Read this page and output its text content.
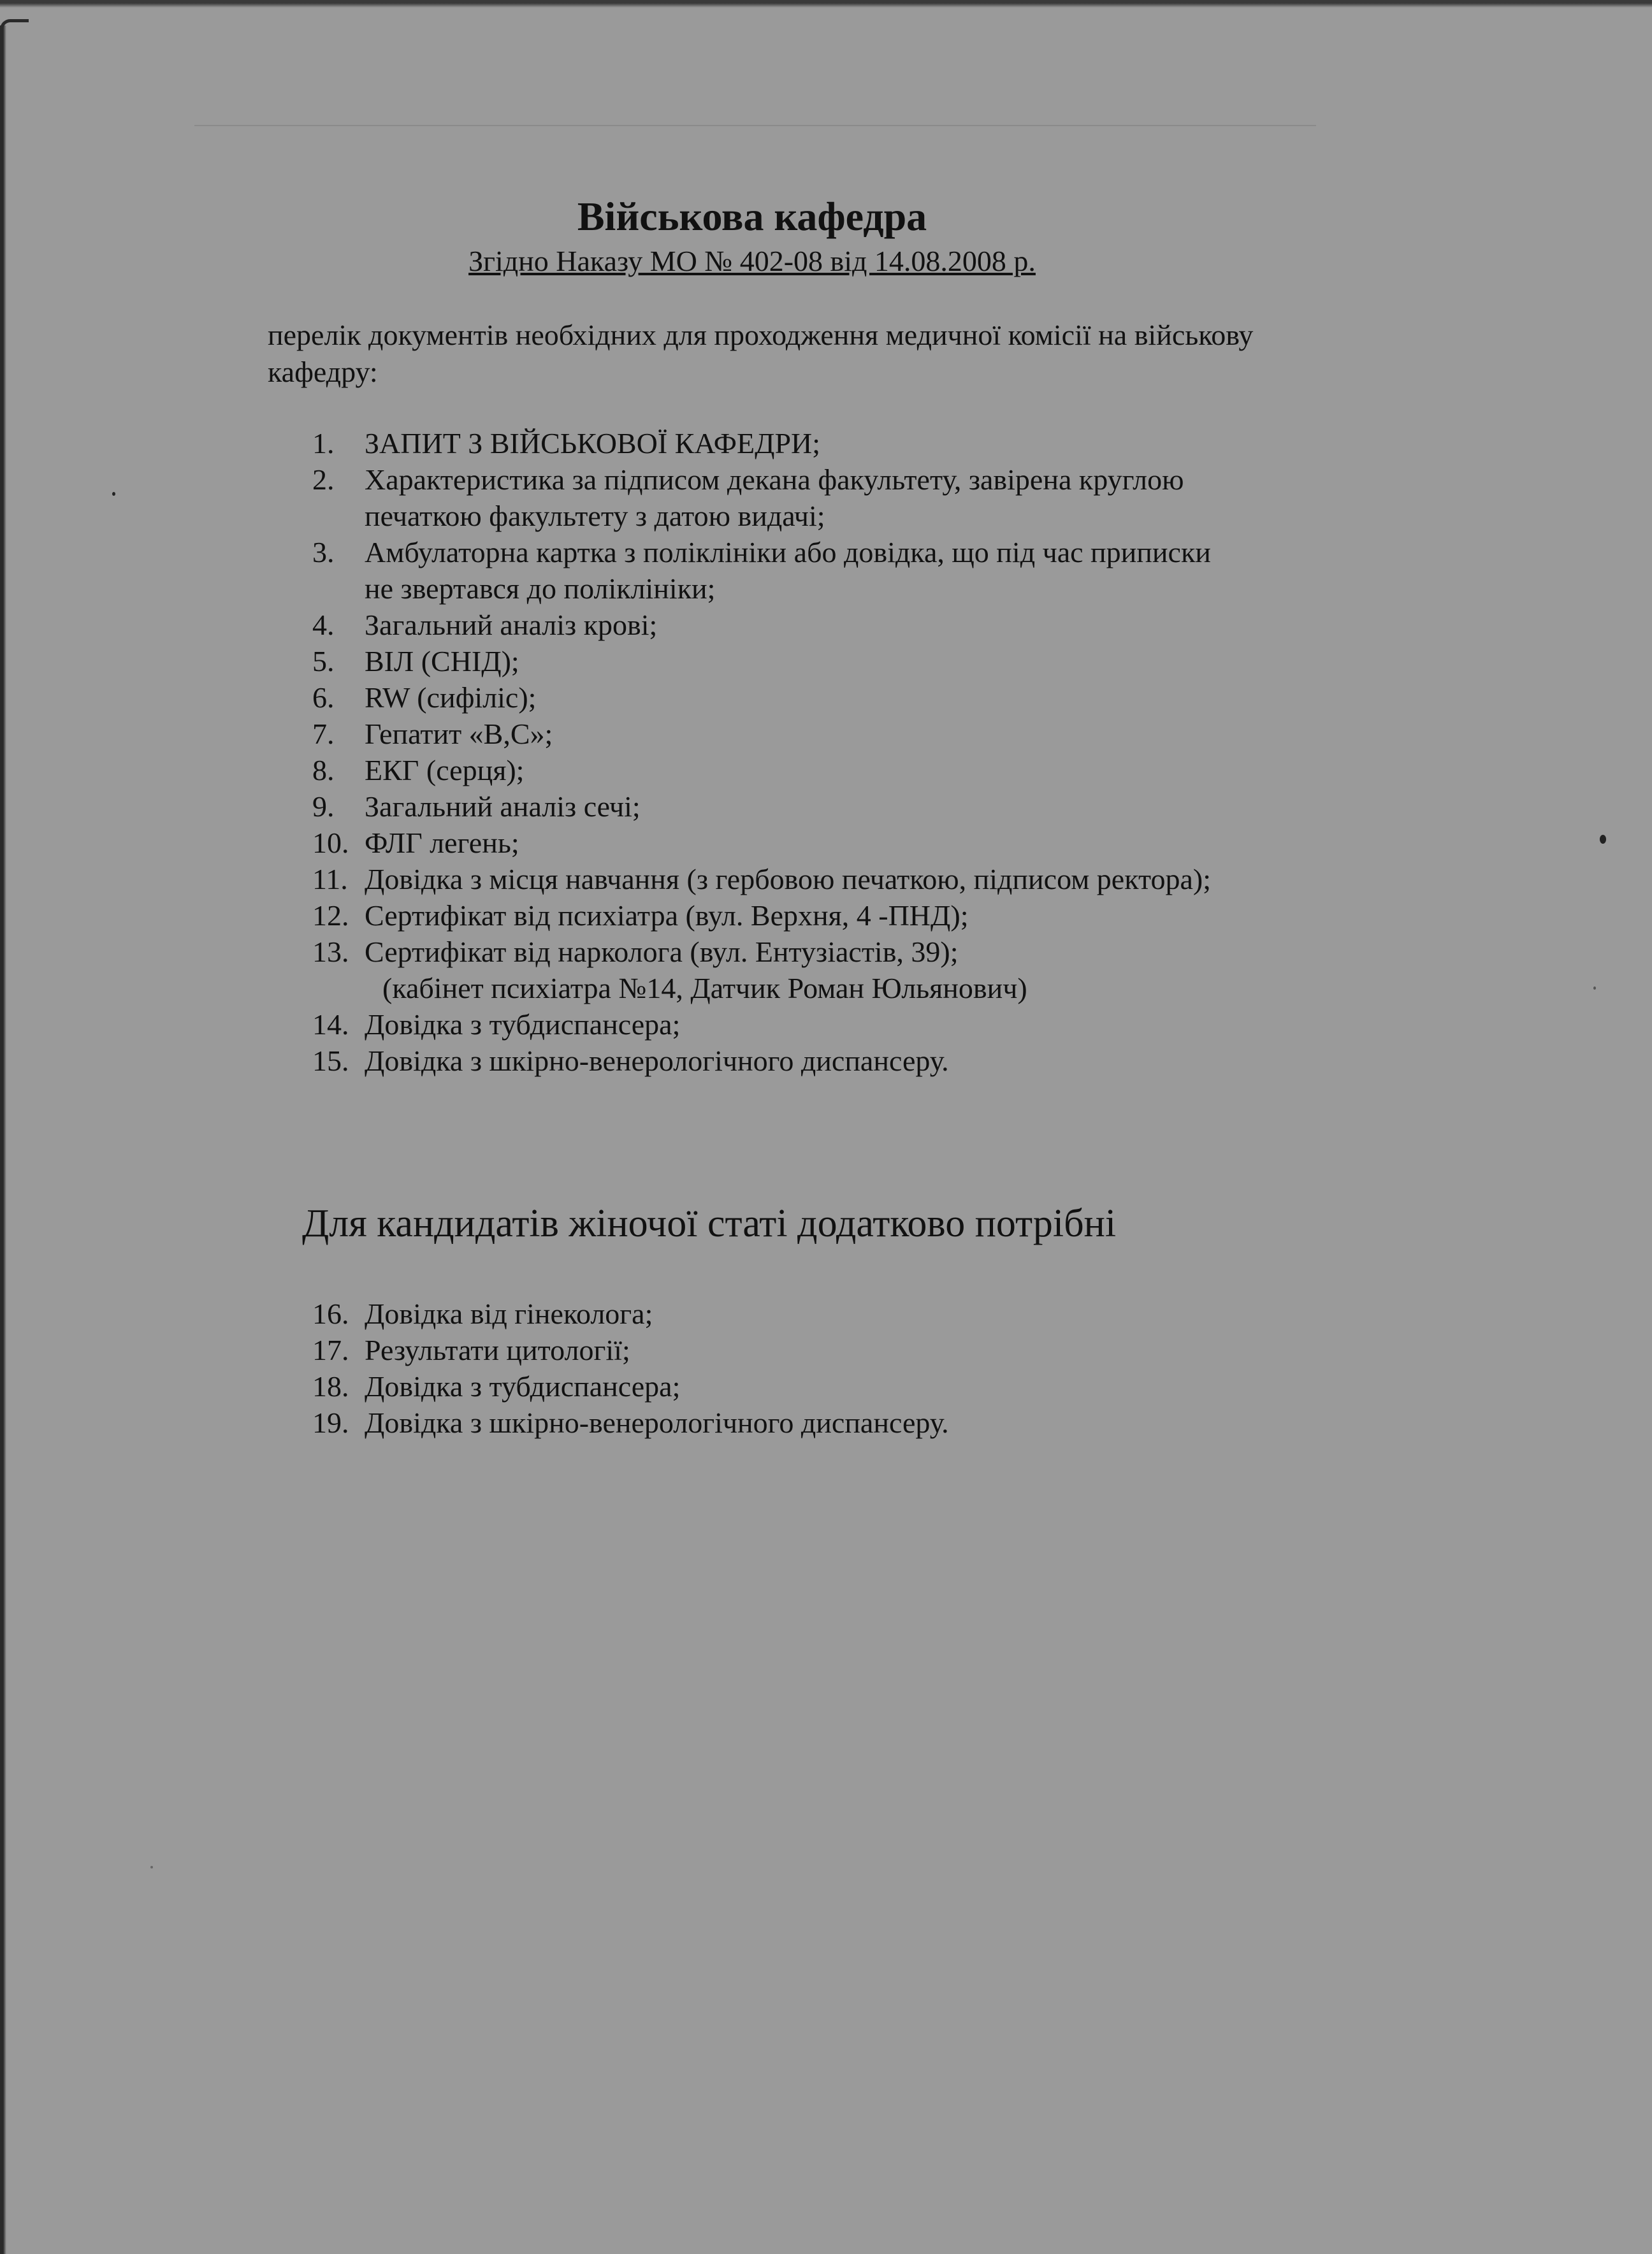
Військова кафедра
Згідно Наказу МО № 402-08 від 14.08.2008 р.
перелік документів необхідних для проходження медичної комісії на військову кафедру:
1. ЗАПИТ З ВІЙСЬКОВОЇ КАФЕДРИ;
2. Характеристика за підписом декана факультету, завірена круглою печаткою факультету з датою видачі;
3. Амбулаторна картка з поліклініки або довідка, що під час приписки не звертався до поліклініки;
4. Загальний аналіз крові;
5. ВІЛ (СНІД);
6. RW (сифіліс);
7. Гепатит «В,С»;
8. ЕКГ (серця);
9. Загальний аналіз сечі;
10. ФЛГ легень;
11. Довідка з місця навчання (з гербовою печаткою, підписом ректора);
12. Сертифікат від психіатра (вул. Верхня, 4 -ПНД);
13. Сертифікат від нарколога (вул. Ентузіастів, 39);
(кабінет психіатра №14, Датчик Роман Юльянович)
14. Довідка з тубдиспансера;
15. Довідка з шкірно-венерологічного диспансеру.
Для кандидатів жіночої статі додатково потрібні
16. Довідка від гінеколога;
17. Результати цитології;
18. Довідка з тубдиспансера;
19. Довідка з шкірно-венерологічного диспансеру.
